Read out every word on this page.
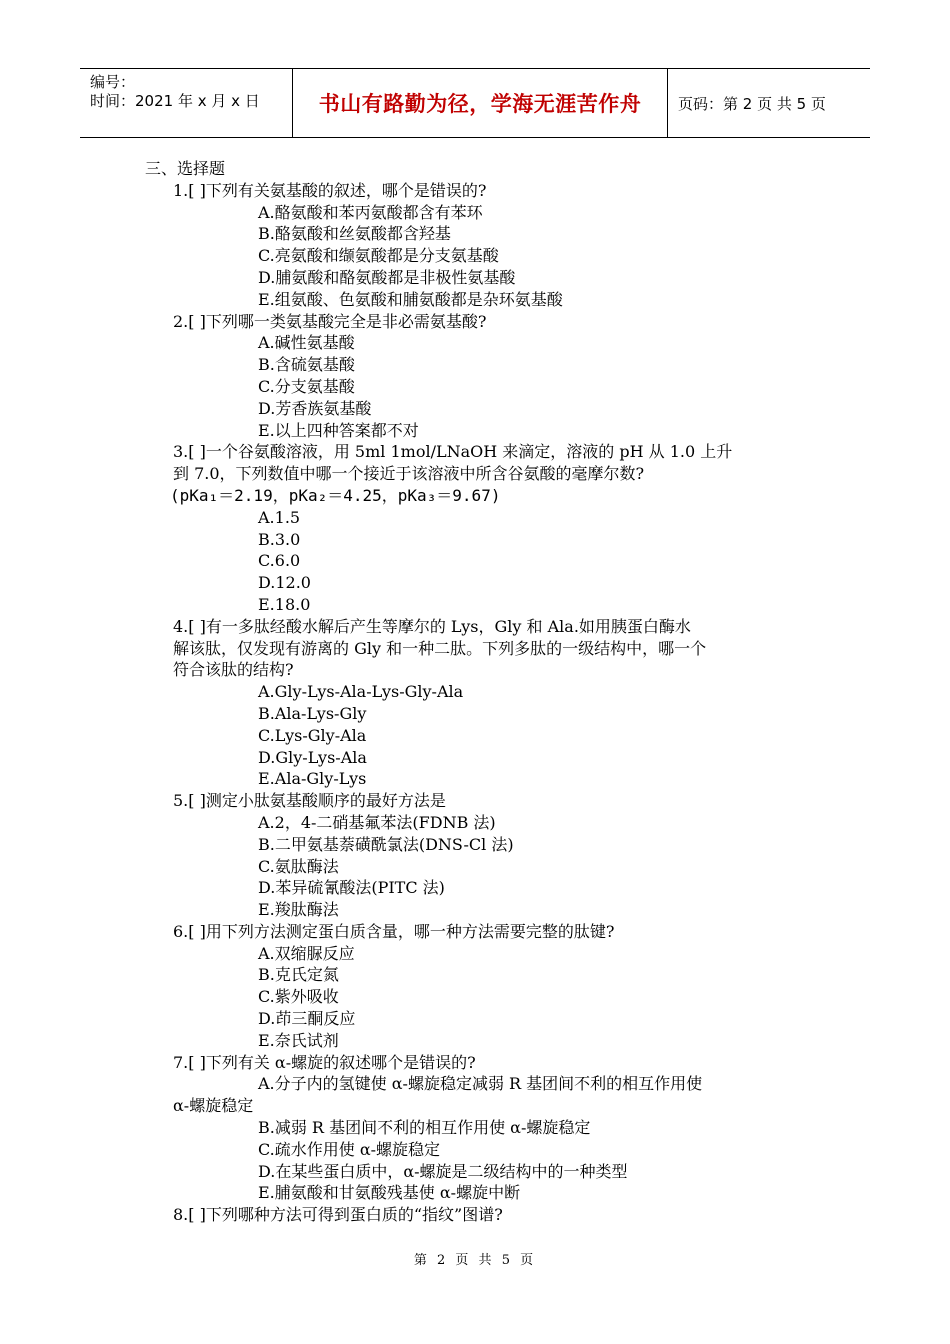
编号：
时间：2021 年 x 月 x 日	书山有路勤为径，学海无涯苦作舟	页码：第 2 页 共 5 页
三、选择题
1.[ ]下列有关氨基酸的叙述，哪个是错误的?
A.酪氨酸和苯丙氨酸都含有苯环
B.酪氨酸和丝氨酸都含羟基
C.亮氨酸和缬氨酸都是分支氨基酸
D.脯氨酸和酪氨酸都是非极性氨基酸
E.组氨酸、色氨酸和脯氨酸都是杂环氨基酸
2.[ ]下列哪一类氨基酸完全是非必需氨基酸?
A.碱性氨基酸
B.含硫氨基酸
C.分支氨基酸
D.芳香族氨基酸
E.以上四种答案都不对
3.[ ]一个谷氨酸溶液，用 5ml 1mol/LNaOH 来滴定，溶液的 pH 从 1.0 上升
到 7.0，下列数值中哪一个接近于该溶液中所含谷氨酸的毫摩尔数?
(pKa₁＝2.19，pKa₂＝4.25，pKa₃＝9.67)
A.1.5
B.3.0
C.6.0
D.12.0
E.18.0
4.[ ]有一多肽经酸水解后产生等摩尔的 Lys，Gly 和 Ala.如用胰蛋白酶水
解该肽，仅发现有游离的 Gly 和一种二肽。下列多肽的一级结构中，哪一个
符合该肽的结构?
A.Gly-Lys-Ala-Lys-Gly-Ala
B.Ala-Lys-Gly
C.Lys-Gly-Ala
D.Gly-Lys-Ala
E.Ala-Gly-Lys
5.[ ]测定小肽氨基酸顺序的最好方法是
A.2，4-二硝基氟苯法(FDNB 法)
B.二甲氨基萘磺酰氯法(DNS-Cl 法)
C.氨肽酶法
D.苯异硫氰酸法(PITC 法)
E.羧肽酶法
6.[ ]用下列方法测定蛋白质含量，哪一种方法需要完整的肽键?
A.双缩脲反应
B.克氏定氮
C.紫外吸收
D.茚三酮反应
E.奈氏试剂
7.[ ]下列有关 α-螺旋的叙述哪个是错误的?
A.分子内的氢键使 α-螺旋稳定减弱 R 基团间不利的相互作用使
α-螺旋稳定
B.减弱 R 基团间不利的相互作用使 α-螺旋稳定
C.疏水作用使 α-螺旋稳定
D.在某些蛋白质中，α-螺旋是二级结构中的一种类型
E.脯氨酸和甘氨酸残基使 α-螺旋中断
8.[ ]下列哪种方法可得到蛋白质的“指纹”图谱?
第 2 页 共 5 页
